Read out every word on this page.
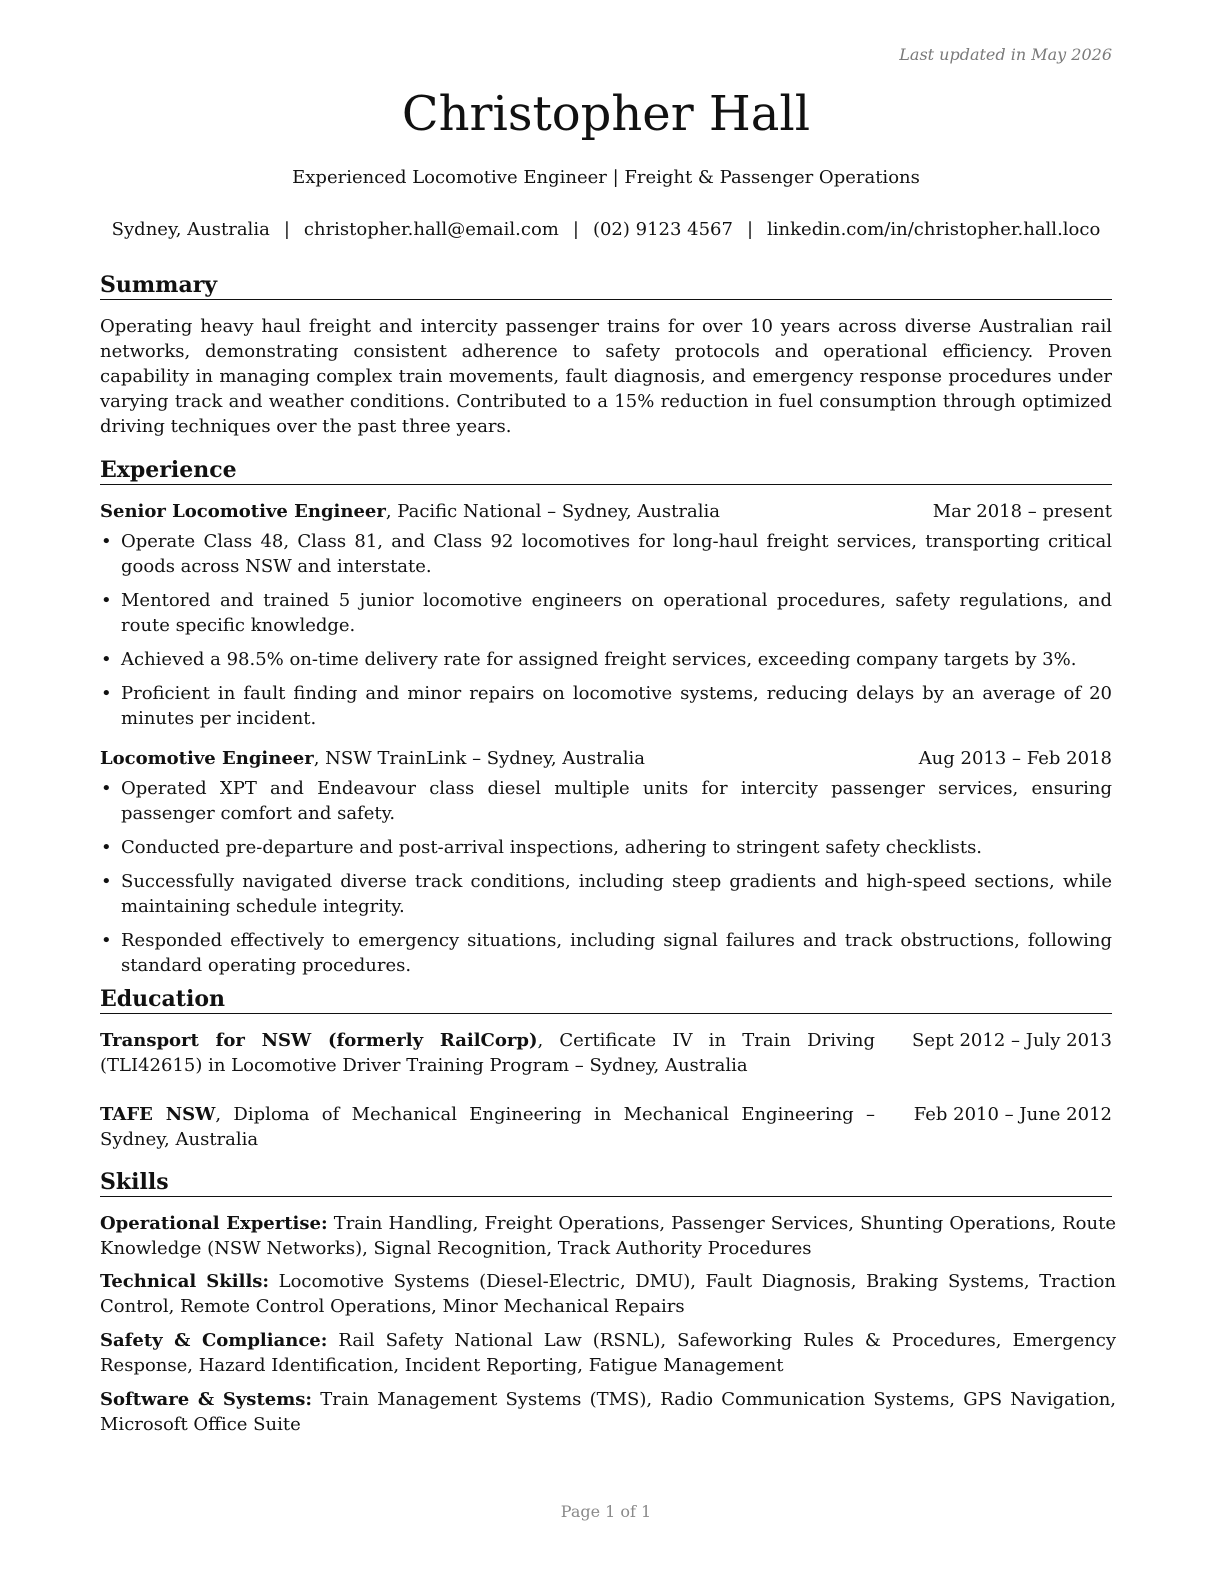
Last updated in May 2026
Christopher Hall
Experienced Locomotive Engineer | Freight & Passenger Operations
Sydney, Australia | christopher.hall@email.com | (02) 9123 4567 | linkedin.com/in/christopher.hall.loco
Summary
Operating heavy haul freight and intercity passenger trains for over 10 years across diverse Australian rail networks, demonstrating consistent adherence to safety protocols and operational efficiency. Proven capability in managing complex train movements, fault diagnosis, and emergency response procedures under varying track and weather conditions. Contributed to a 15% reduction in fuel consumption through optimized driving techniques over the past three years.
Experience
Senior Locomotive Engineer, Pacific National – Sydney, Australia	Mar 2018 – present
• Operate Class 48, Class 81, and Class 92 locomotives for long-haul freight services, transporting critical goods across NSW and interstate.
• Mentored and trained 5 junior locomotive engineers on operational procedures, safety regulations, and route specific knowledge.
• Achieved a 98.5% on-time delivery rate for assigned freight services, exceeding company targets by 3%.
• Proficient in fault finding and minor repairs on locomotive systems, reducing delays by an average of 20 minutes per incident.
Locomotive Engineer, NSW TrainLink – Sydney, Australia	Aug 2013 – Feb 2018
• Operated XPT and Endeavour class diesel multiple units for intercity passenger services, ensuring passenger comfort and safety.
• Conducted pre-departure and post-arrival inspections, adhering to stringent safety checklists.
• Successfully navigated diverse track conditions, including steep gradients and high-speed sections, while maintaining schedule integrity.
• Responded effectively to emergency situations, including signal failures and track obstructions, following standard operating procedures.
Education
Transport for NSW (formerly RailCorp), Certificate IV in Train Driving (TLI42615) in Locomotive Driver Training Program – Sydney, Australia
Sept 2012 – July 2013
TAFE NSW, Diploma of Mechanical Engineering in Mechanical Engineering – Sydney, Australia
Feb 2010 – June 2012
Skills
Operational Expertise: Train Handling, Freight Operations, Passenger Services, Shunting Operations, Route Knowledge (NSW Networks), Signal Recognition, Track Authority Procedures
Technical Skills: Locomotive Systems (Diesel-Electric, DMU), Fault Diagnosis, Braking Systems, Traction Control, Remote Control Operations, Minor Mechanical Repairs
Safety & Compliance: Rail Safety National Law (RSNL), Safeworking Rules & Procedures, Emergency Response, Hazard Identification, Incident Reporting, Fatigue Management
Software & Systems: Train Management Systems (TMS), Radio Communication Systems, GPS Navigation, Microsoft Office Suite
Page 1 of 1
